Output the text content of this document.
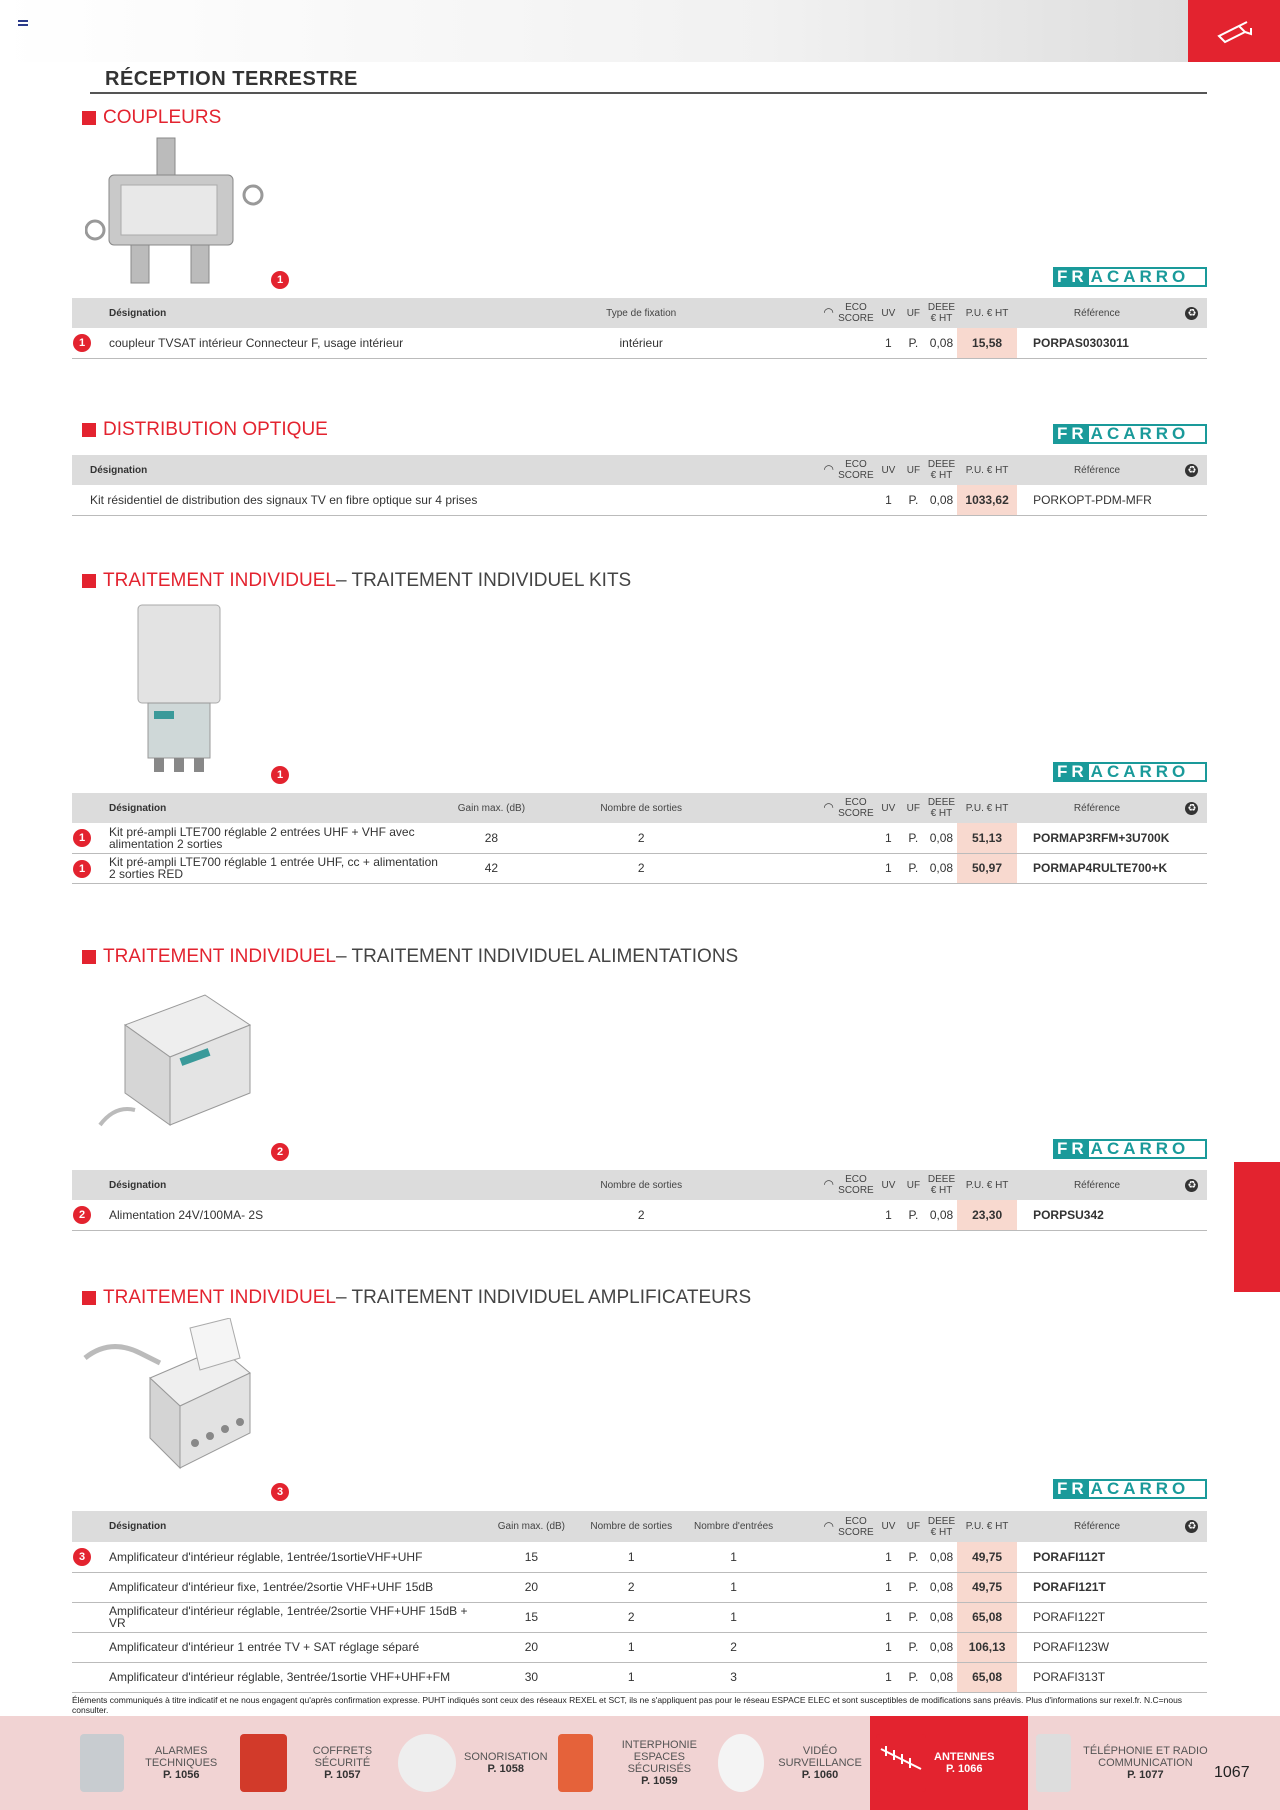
RÉCEPTION TERRESTRE
COUPLEURS
1	FR ACARRO
Désignation	Type de fixation	◠	ECO SCORE	UV	UF	DEEE € HT	P.U. € HT	Référence	♻

1 coupleur TVSAT intérieur Connecteur F, usage intérieur	intérieur			1	P.	0,08	15,58	PORPAS0303011	
DISTRIBUTION OPTIQUE	FR ACARRO
Désignation	◠	ECO SCORE	UV	UF	DEEE € HT	P.U. € HT	Référence	♻
Kit résidentiel de distribution des signaux TV en fibre optique sur 4 prises			1	P.	0,08	1033,62	PORKOPT-PDM-MFR	
TRAITEMENT INDIVIDUEL – TRAITEMENT INDIVIDUEL KITS
1	FR ACARRO
Désignation	Gain max. (dB)	Nombre de sorties	◠	ECO SCORE	UV	UF	DEEE € HT	P.U. € HT	Référence	♻

1 Kit pré-ampli LTE700 réglable 2 entrées UHF + VHF avec alimentation 2 sorties	28	2			1	P.	0,08	51,13	PORMAP3RFM+3U700K	

1 Kit pré-ampli LTE700 réglable 1 entrée UHF, cc + alimentation 2 sorties RED	42	2			1	P.	0,08	50,97	PORMAP4RULTE700+K	
TRAITEMENT INDIVIDUEL – TRAITEMENT INDIVIDUEL ALIMENTATIONS
2	FR ACARRO
Désignation	Nombre de sorties	◠	ECO SCORE	UV	UF	DEEE € HT	P.U. € HT	Référence	♻

2 Alimentation 24V/100MA- 2S	2			1	P.	0,08	23,30	PORPSU342	
TRAITEMENT INDIVIDUEL – TRAITEMENT INDIVIDUEL AMPLIFICATEURS
3	FR ACARRO
Désignation	Gain max. (dB)	Nombre de sorties	Nombre d'entrées	◠	ECO SCORE	UV	UF	DEEE € HT	P.U. € HT	Référence	♻

3 Amplificateur d'intérieur réglable, 1entrée/1sortieVHF+UHF	15	1	1			1	P.	0,08	49,75	PORAFI112T	
Amplificateur d'intérieur fixe, 1entrée/2sortie VHF+UHF 15dB	20	2	1			1	P.	0,08	49,75	PORAFI121T	
Amplificateur d'intérieur réglable, 1entrée/2sortie VHF+UHF 15dB + VR	15	2	1			1	P.	0,08	65,08	PORAFI122T	
Amplificateur d'intérieur 1 entrée TV + SAT réglage séparé	20	1	2			1	P.	0,08	106,13	PORAFI123W	
Amplificateur d'intérieur réglable, 3entrée/1sortie VHF+UHF+FM	30	1	3			1	P.	0,08	65,08	PORAFI313T	
Éléments communiqués à titre indicatif et ne nous engagent qu'après confirmation expresse. PUHT indiqués sont ceux des réseaux REXEL et SCT, ils ne s'appliquent pas pour le réseau ESPACE ELEC et sont susceptibles de modifications sans préavis. Plus d'informations sur rexel.fr. N.C=nous consulter.
ALARMES TECHNIQUES
P. 1056
COFFRETS SÉCURITÉ
P. 1057
SONORISATION
P. 1058
INTERPHONIE ESPACES SÉCURISÉS
P. 1059
VIDÉO SURVEILLANCE
P. 1060
ANTENNES
P. 1066
TÉLÉPHONIE ET RADIO COMMUNICATION
P. 1077	1067
